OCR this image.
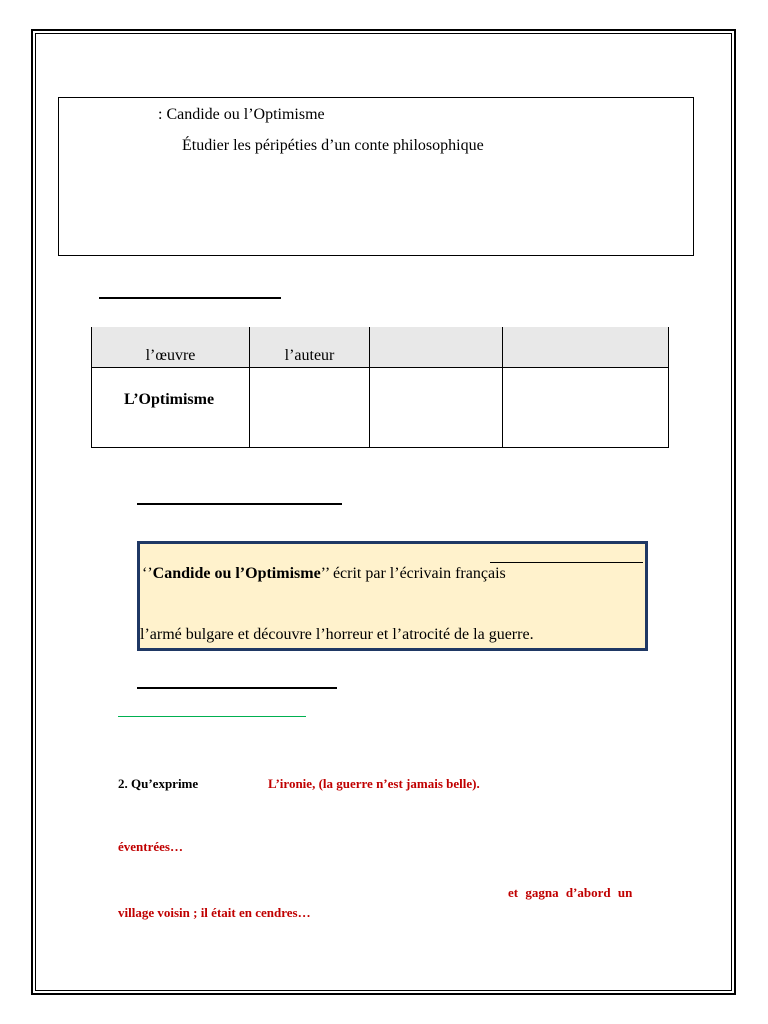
: Candide ou l’Optimisme
Étudier les péripéties d’un conte philosophique
l’œuvre	l’auteur		

L’Optimisme			

‘’Candide ou l’Optimisme’’ écrit par l’écrivain français
l’armé bulgare et découvre l’horreur et l’atrocité de la guerre.
2. Qu’exprime	L’ironie, (la guerre n’est jamais belle).
éventrées…
et gagna d’abord un
village voisin ; il était en cendres…
